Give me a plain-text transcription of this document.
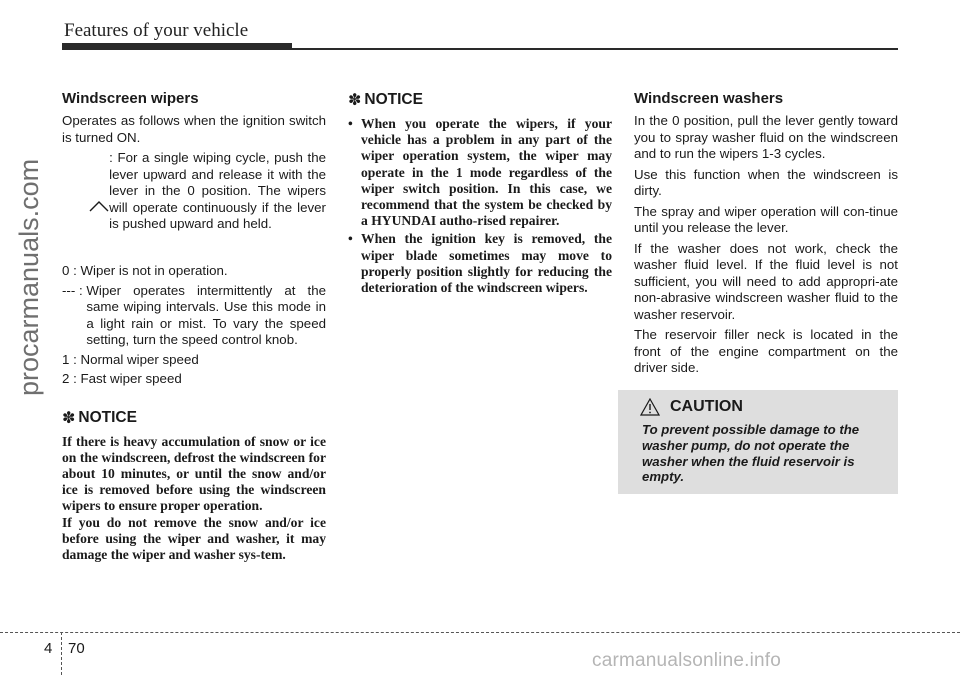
Features of your vehicle
procarmanuals.com
Windscreen wipers

Operates as follows when the ignition switch is turned ON.

: For a single wiping cycle, push the lever upward and release it with the lever in the 0 position. The wipers will operate continuously if the lever is pushed upward and held.
0 : Wiper is not in operation.
--- : Wiper operates intermittently at the same wiping intervals. Use this mode in a light rain or mist. To vary the speed setting, turn the speed control knob.
1 : Normal wiper speed
2 : Fast wiper speed
✽ NOTICE

If there is heavy accumulation of snow or ice on the windscreen, defrost the windscreen for about 10 minutes, or until the snow and/or ice is removed before using the windscreen wipers to ensure proper operation.

If you do not remove the snow and/or ice before using the wiper and washer, it may damage the wiper and washer sys-tem.

✽ NOTICE
• When you operate the wipers, if your vehicle has a problem in any part of the wiper operation system, the wiper may operate in the 1 mode regardless of the wiper switch position. In this case, we recommend that the system be checked by a HYUNDAI autho-rised repairer.
• When the ignition key is removed, the wiper blade sometimes may move to properly position slightly for reducing the deterioration of the windscreen wipers.
Windscreen washers

In the 0 position, pull the lever gently toward you to spray washer fluid on the windscreen and to run the wipers 1-3 cycles.

Use this function when the windscreen is dirty.

The spray and wiper operation will con-tinue until you release the lever.

If the washer does not work, check the washer fluid level. If the fluid level is not sufficient, you will need to add appropri-ate non-abrasive windscreen washer fluid to the washer reservoir.

The reservoir filler neck is located in the front of the engine compartment on the driver side.

CAUTION
To prevent possible damage to the washer pump, do not operate the washer when the fluid reservoir is empty.
4 70
carmanualsonline.info
